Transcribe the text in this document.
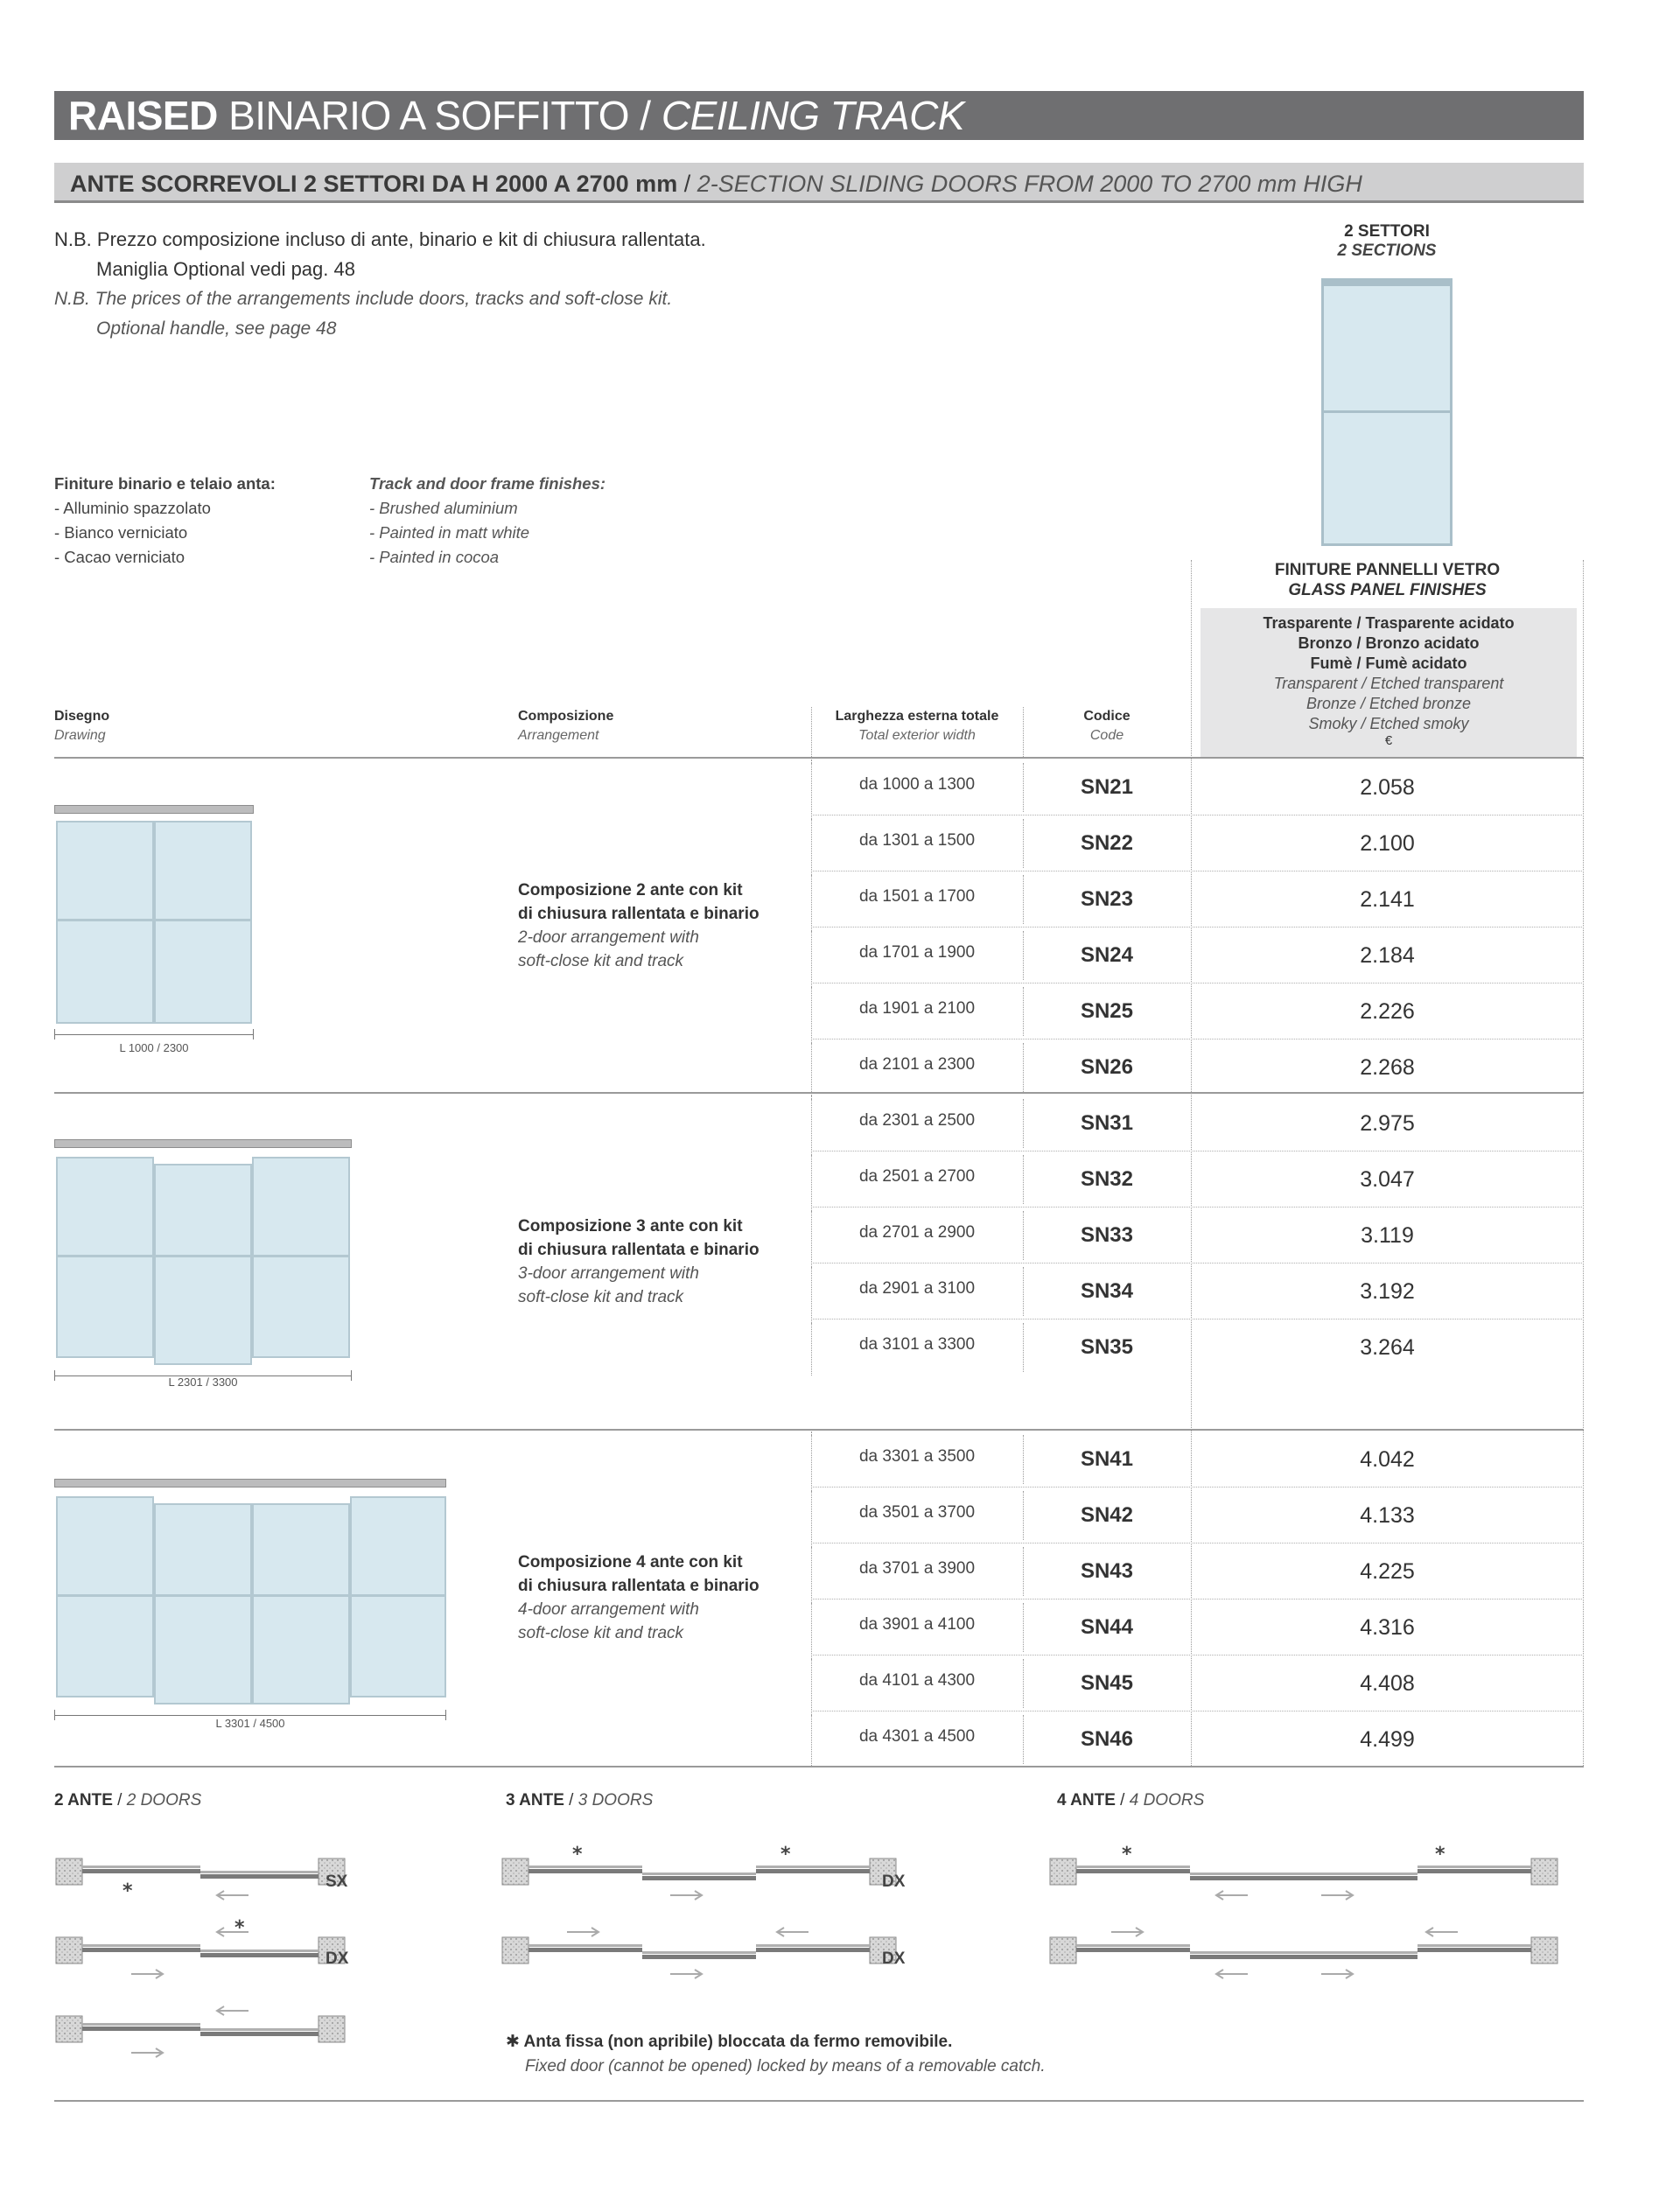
RAISED BINARIO A SOFFITTO / CEILING TRACK
ANTE SCORREVOLI 2 SETTORI DA H 2000 A 2700 mm / 2-SECTION SLIDING DOORS FROM 2000 TO 2700 mm HIGH
N.B. Prezzo composizione incluso di ante, binario e kit di chiusura rallentata.
Maniglia Optional vedi pag. 48
N.B. The prices of the arrangements include doors, tracks and soft-close kit.
Optional handle, see page 48
Finiture binario e telaio anta:
- Alluminio spazzolato
- Bianco verniciato
- Cacao verniciato
Track and door frame finishes:
- Brushed aluminium
- Painted in matt white
- Painted in cocoa
2 SETTORI
2 SECTIONS
FINITURE PANNELLI VETRO
GLASS PANEL FINISHES
Trasparente / Trasparente acidato
Bronzo / Bronzo acidato
Fumè / Fumè acidato
Transparent / Etched transparent
Bronze / Etched bronze
Smoky / Etched smoky
€
Disegno
Drawing
Composizione
Arrangement
Larghezza esterna totale
Total exterior width
Codice
Code
L 1000 / 2300
Composizione 2 ante con kit
di chiusura rallentata e binario
2-door arrangement with
soft-close kit and track
L 2301 / 3300
Composizione 3 ante con kit
di chiusura rallentata e binario
3-door arrangement with
soft-close kit and track
L 3301 / 4500
Composizione 4 ante con kit
di chiusura rallentata e binario
4-door arrangement with
soft-close kit and track
da 1000 a 1300	SN21	2.058
da 1301 a 1500	SN22	2.100
da 1501 a 1700	SN23	2.141
da 1701 a 1900	SN24	2.184
da 1901 a 2100	SN25	2.226
da 2101 a 2300	SN26	2.268
da 2301 a 2500	SN31	2.975
da 2501 a 2700	SN32	3.047
da 2701 a 2900	SN33	3.119
da 2901 a 3100	SN34	3.192
da 3101 a 3300	SN35	3.264
da 3301 a 3500	SN41	4.042
da 3501 a 3700	SN42	4.133
da 3701 a 3900	SN43	4.225
da 3901 a 4100	SN44	4.316
da 4101 a 4300	SN45	4.408
da 4301 a 4500	SN46	4.499
2 ANTE / 2 DOORS	3 ANTE / 3 DOORS	4 ANTE / 4 DOORS
*
*
*	*	*	*
SX
DX
DX
DX
✱ Anta fissa (non apribile) bloccata da fermo removibile.
Fixed door (cannot be opened) locked by means of a removable catch.
